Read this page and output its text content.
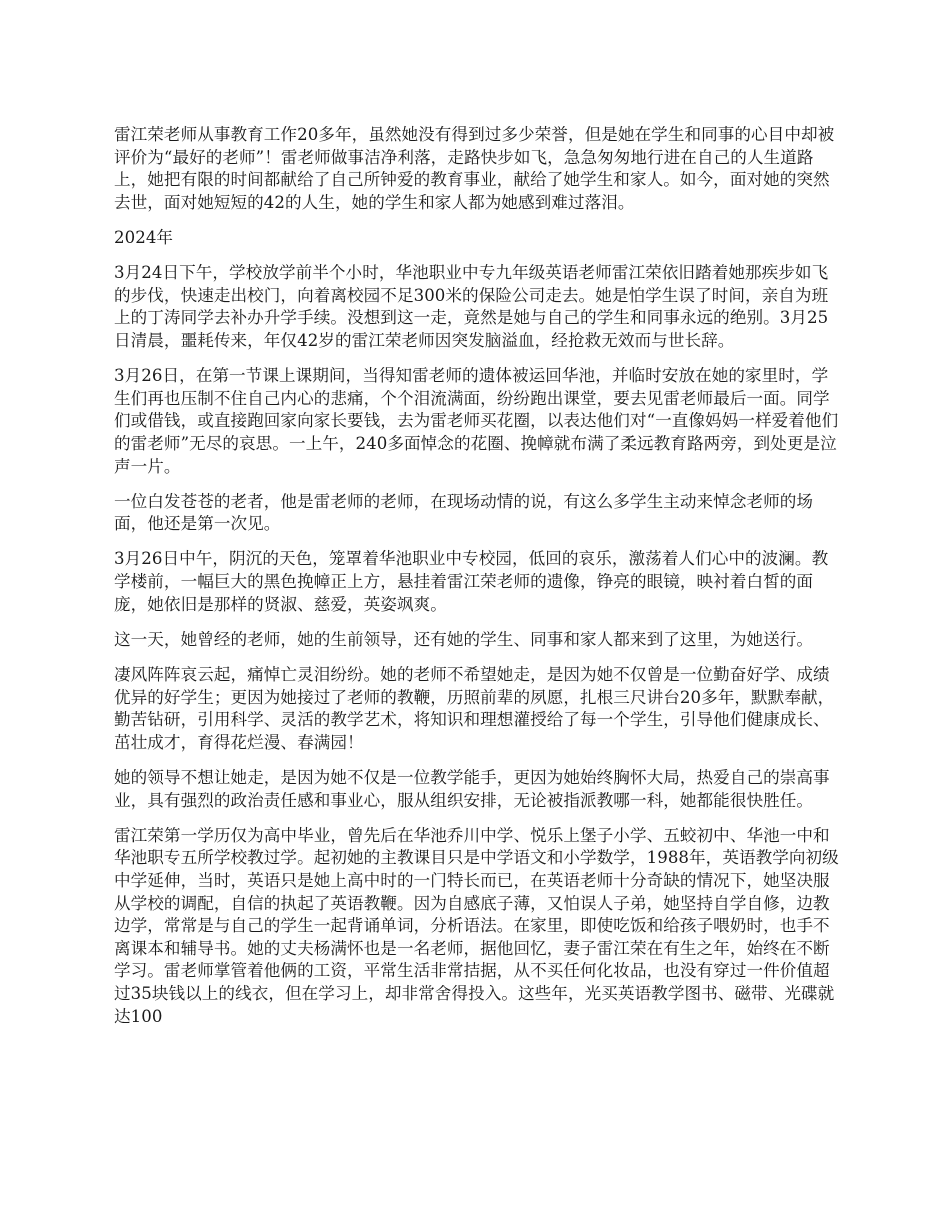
雷江荣老师从事教育工作20多年，虽然她没有得到过多少荣誉，但是她在学生和同事的心目中却被评价为“最好的老师”！雷老师做事洁净利落，走路快步如飞，急急匆匆地行进在自己的人生道路上，她把有限的时间都献给了自己所钟爱的教育事业，献给了她学生和家人。如今，面对她的突然去世，面对她短短的42的人生，她的学生和家人都为她感到难过落泪。

2024年

3月24日下午，学校放学前半个小时，华池职业中专九年级英语老师雷江荣依旧踏着她那疾步如飞的步伐，快速走出校门，向着离校园不足300米的保险公司走去。她是怕学生误了时间，亲自为班上的丁涛同学去补办升学手续。没想到这一走，竟然是她与自己的学生和同事永远的绝别。3月25日清晨，噩耗传来，年仅42岁的雷江荣老师因突发脑溢血，经抢救无效而与世长辞。

3月26日，在第一节课上课期间，当得知雷老师的遗体被运回华池，并临时安放在她的家里时，学生们再也压制不住自己内心的悲痛，个个泪流满面，纷纷跑出课堂，要去见雷老师最后一面。同学们或借钱，或直接跑回家向家长要钱，去为雷老师买花圈，以表达他们对“一直像妈妈一样爱着他们的雷老师”无尽的哀思。一上午，240多面悼念的花圈、挽幛就布满了柔远教育路两旁，到处更是泣声一片。

一位白发苍苍的老者，他是雷老师的老师，在现场动情的说，有这么多学生主动来悼念老师的场面，他还是第一次见。

3月26日中午，阴沉的天色，笼罩着华池职业中专校园，低回的哀乐，激荡着人们心中的波澜。教学楼前，一幅巨大的黑色挽幛正上方，悬挂着雷江荣老师的遗像，铮亮的眼镜，映衬着白皙的面庞，她依旧是那样的贤淑、慈爱，英姿飒爽。

这一天，她曾经的老师，她的生前领导，还有她的学生、同事和家人都来到了这里，为她送行。

凄风阵阵哀云起，痛悼亡灵泪纷纷。她的老师不希望她走，是因为她不仅曾是一位勤奋好学、成绩优异的好学生；更因为她接过了老师的教鞭，历照前辈的夙愿，扎根三尺讲台20多年，默默奉献，勤苦钻研，引用科学、灵活的教学艺术，将知识和理想灌授给了每一个学生，引导他们健康成长、茁壮成才，育得花烂漫、春满园！

她的领导不想让她走，是因为她不仅是一位教学能手，更因为她始终胸怀大局，热爱自己的崇高事业，具有强烈的政治责任感和事业心，服从组织安排，无论被指派教哪一科，她都能很快胜任。

雷江荣第一学历仅为高中毕业，曾先后在华池乔川中学、悦乐上堡子小学、五蛟初中、华池一中和华池职专五所学校教过学。起初她的主教课目只是中学语文和小学数学，1988年，英语教学向初级中学延伸，当时，英语只是她上高中时的一门特长而已，在英语老师十分奇缺的情况下，她坚决服从学校的调配，自信的执起了英语教鞭。因为自感底子薄，又怕误人子弟，她坚持自学自修，边教边学，常常是与自己的学生一起背诵单词，分析语法。在家里，即使吃饭和给孩子喂奶时，也手不离课本和辅导书。她的丈夫杨满怀也是一名老师，据他回忆，妻子雷江荣在有生之年，始终在不断学习。雷老师掌管着他俩的工资，平常生活非常拮据，从不买任何化妆品，也没有穿过一件价值超过35块钱以上的线衣，但在学习上，却非常舍得投入。这些年，光买英语教学图书、磁带、光碟就达100
